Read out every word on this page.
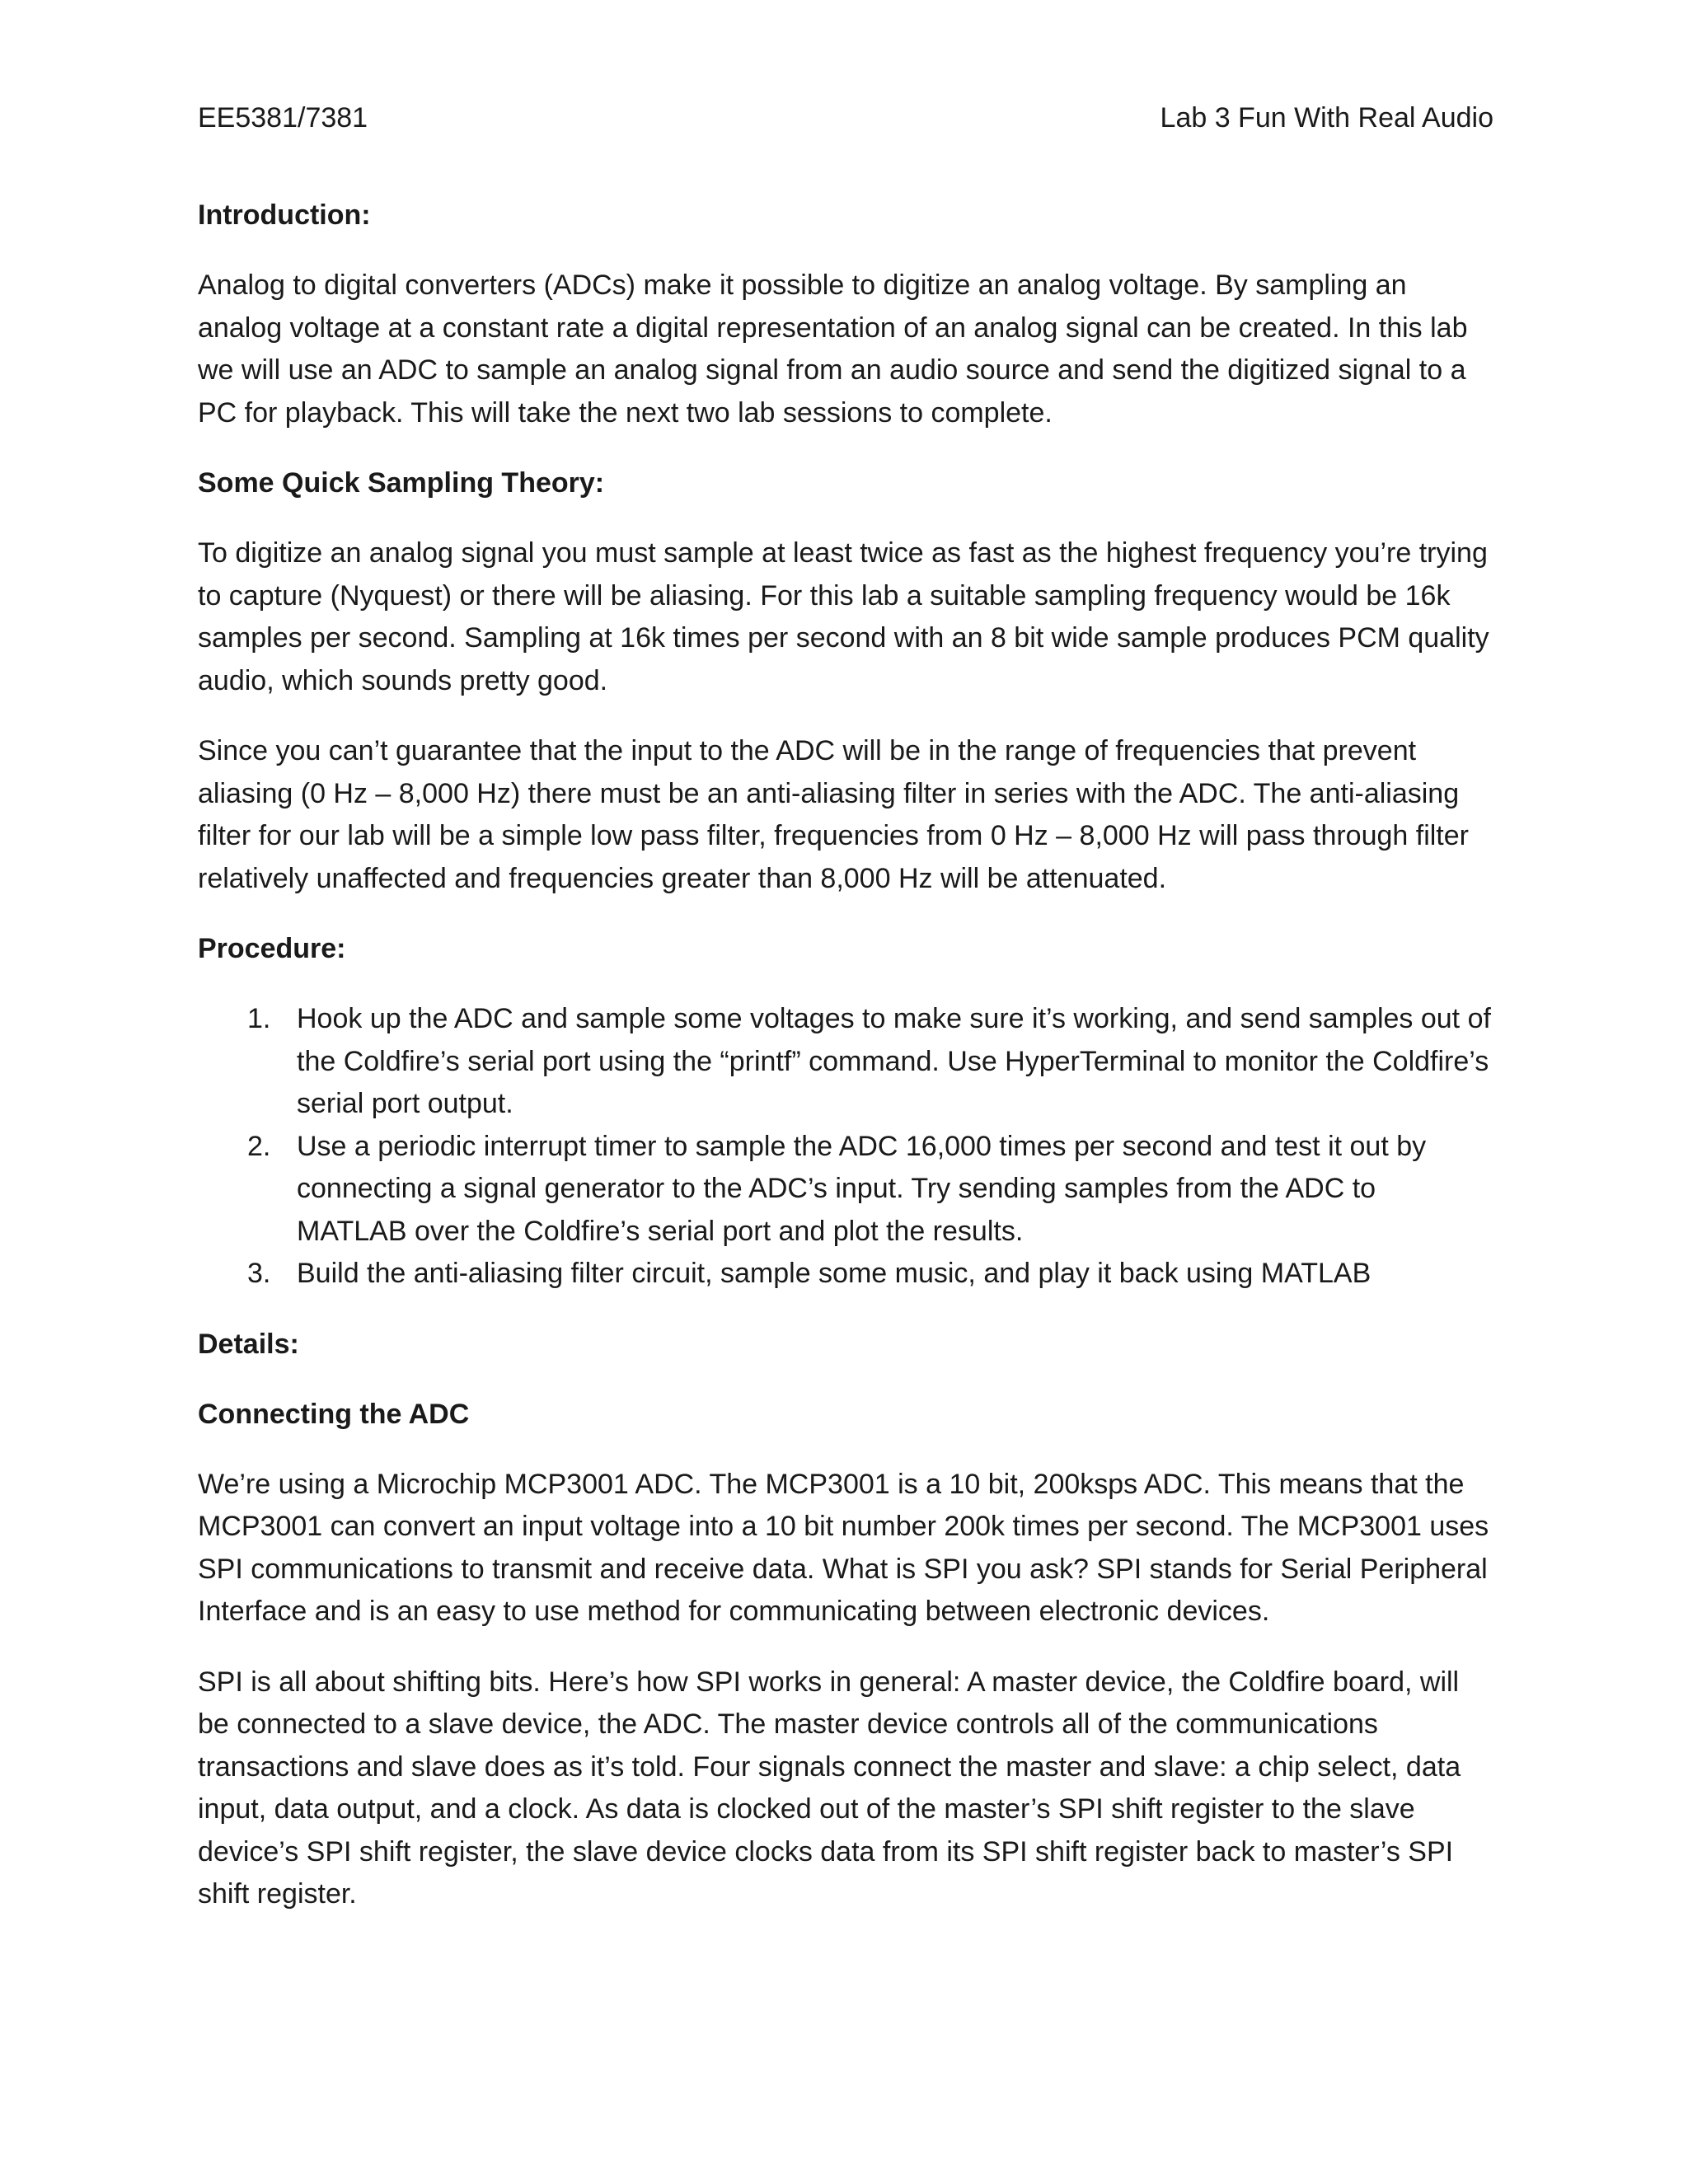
EE5381/7381	Lab 3 Fun With Real Audio
Introduction:

Analog to digital converters (ADCs) make it possible to digitize an analog voltage. By sampling an analog voltage at a constant rate a digital representation of an analog signal can be created. In this lab we will use an ADC to sample an analog signal from an audio source and send the digitized signal to a PC for playback. This will take the next two lab sessions to complete.

Some Quick Sampling Theory:

To digitize an analog signal you must sample at least twice as fast as the highest frequency you’re trying to capture (Nyquest) or there will be aliasing. For this lab a suitable sampling frequency would be 16k samples per second. Sampling at 16k times per second with an 8 bit wide sample produces PCM quality audio, which sounds pretty good.

Since you can’t guarantee that the input to the ADC will be in the range of frequencies that prevent aliasing (0 Hz – 8,000 Hz) there must be an anti-aliasing filter in series with the ADC. The anti-aliasing filter for our lab will be a simple low pass filter, frequencies from 0 Hz – 8,000 Hz will pass through filter relatively unaffected and frequencies greater than 8,000 Hz will be attenuated.

Procedure:
1. Hook up the ADC and sample some voltages to make sure it’s working, and send samples out of the Coldfire’s serial port using the “printf” command. Use HyperTerminal to monitor the Coldfire’s serial port output.
2. Use a periodic interrupt timer to sample the ADC 16,000 times per second and test it out by connecting a signal generator to the ADC’s input. Try sending samples from the ADC to MATLAB over the Coldfire’s serial port and plot the results.
3. Build the anti-aliasing filter circuit, sample some music, and play it back using MATLAB
Details:
Connecting the ADC

We’re using a Microchip MCP3001 ADC. The MCP3001 is a 10 bit, 200ksps ADC. This means that the MCP3001 can convert an input voltage into a 10 bit number 200k times per second. The MCP3001 uses SPI communications to transmit and receive data. What is SPI you ask? SPI stands for Serial Peripheral Interface and is an easy to use method for communicating between electronic devices.

SPI is all about shifting bits. Here’s how SPI works in general: A master device, the Coldfire board, will be connected to a slave device, the ADC. The master device controls all of the communications transactions and slave does as it’s told. Four signals connect the master and slave: a chip select, data input, data output, and a clock. As data is clocked out of the master’s SPI shift register to the slave device’s SPI shift register, the slave device clocks data from its SPI shift register back to master’s SPI shift register.
